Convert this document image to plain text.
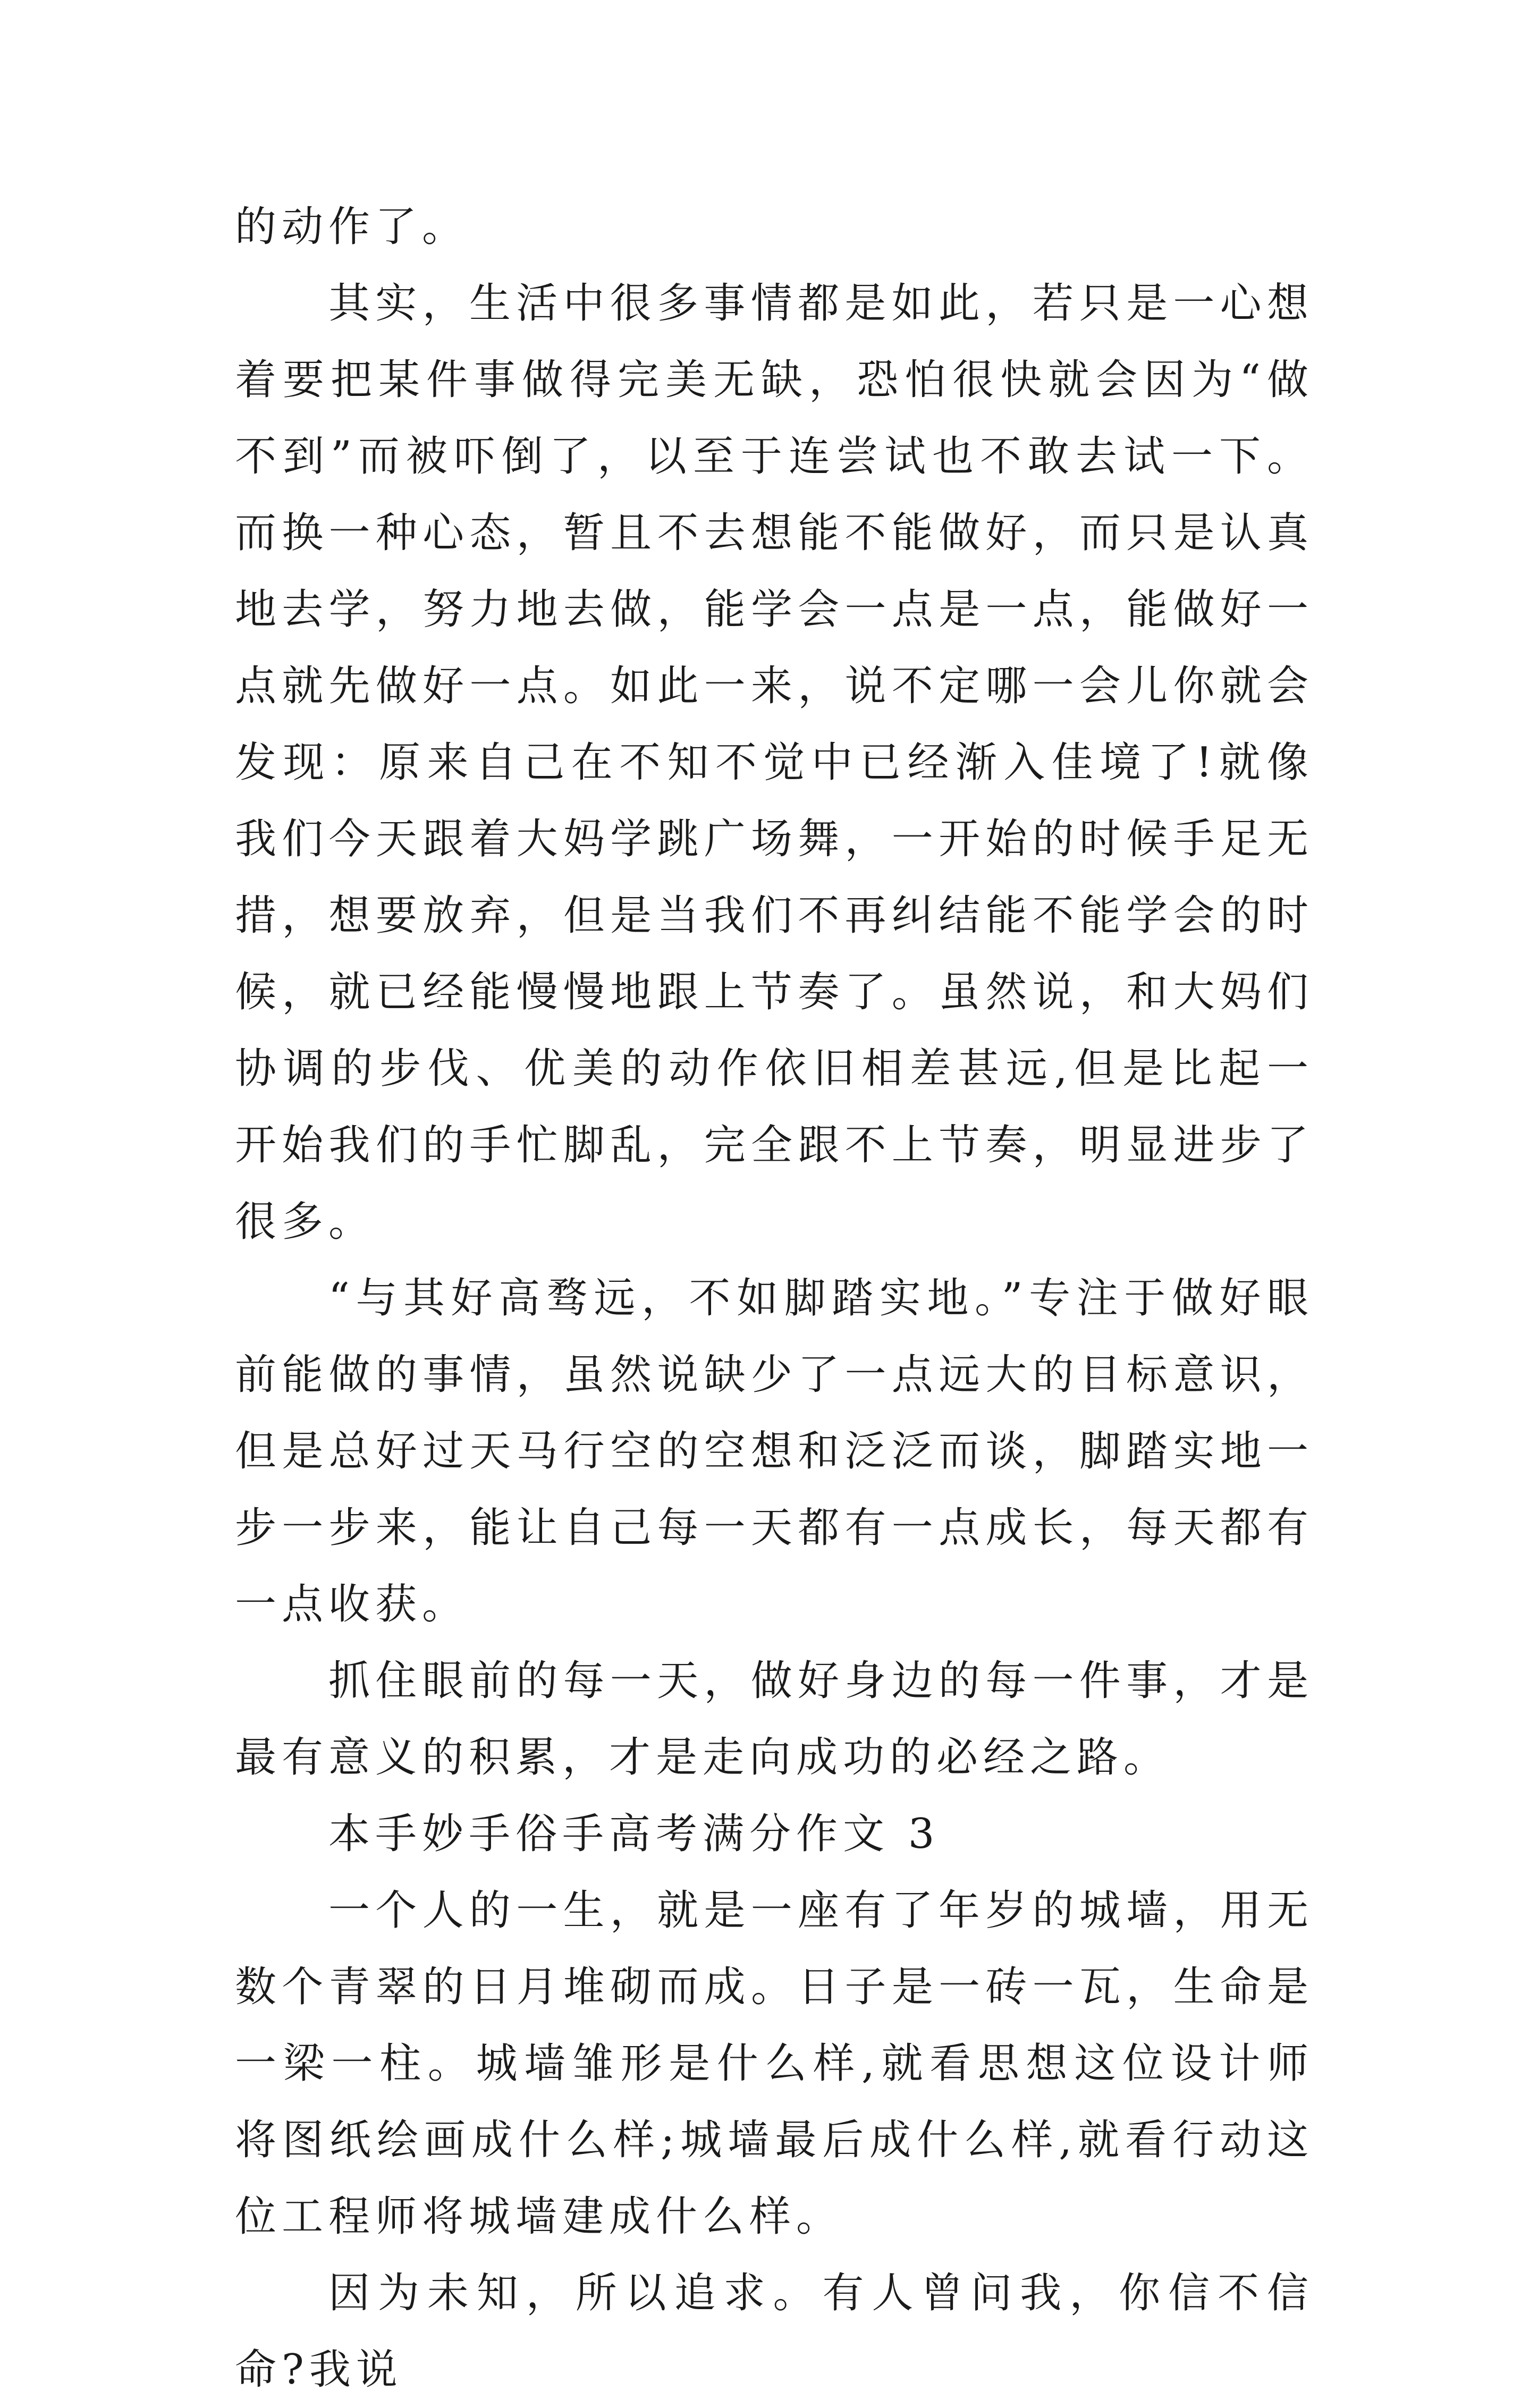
的动作了。

其实，生活中很多事情都是如此，若只是一心想着要把某件事做得完美无缺，恐怕很快就会因为“做不到”而被吓倒了，以至于连尝试也不敢去试一下。而换一种心态，暂且不去想能不能做好，而只是认真地去学，努力地去做，能学会一点是一点，能做好一点就先做好一点。如此一来，说不定哪一会儿你就会发现：原来自己在不知不觉中已经渐入佳境了!就像我们今天跟着大妈学跳广场舞，一开始的时候手足无措，想要放弃，但是当我们不再纠结能不能学会的时候，就已经能慢慢地跟上节奏了。虽然说，和大妈们协调的步伐、优美的动作依旧相差甚远,但是比起一开始我们的手忙脚乱，完全跟不上节奏，明显进步了很多。

“与其好高骛远，不如脚踏实地。”专注于做好眼前能做的事情，虽然说缺少了一点远大的目标意识，但是总好过天马行空的空想和泛泛而谈，脚踏实地一步一步来，能让自己每一天都有一点成长，每天都有一点收获。

抓住眼前的每一天，做好身边的每一件事，才是最有意义的积累，才是走向成功的必经之路。

本手妙手俗手高考满分作文 3

一个人的一生，就是一座有了年岁的城墙，用无数个青翠的日月堆砌而成。日子是一砖一瓦，生命是一梁一柱。城墙雏形是什么样,就看思想这位设计师将图纸绘画成什么样;城墙最后成什么样,就看行动这位工程师将城墙建成什么样。

因为未知，所以追求。有人曾问我，你信不信命?我说
